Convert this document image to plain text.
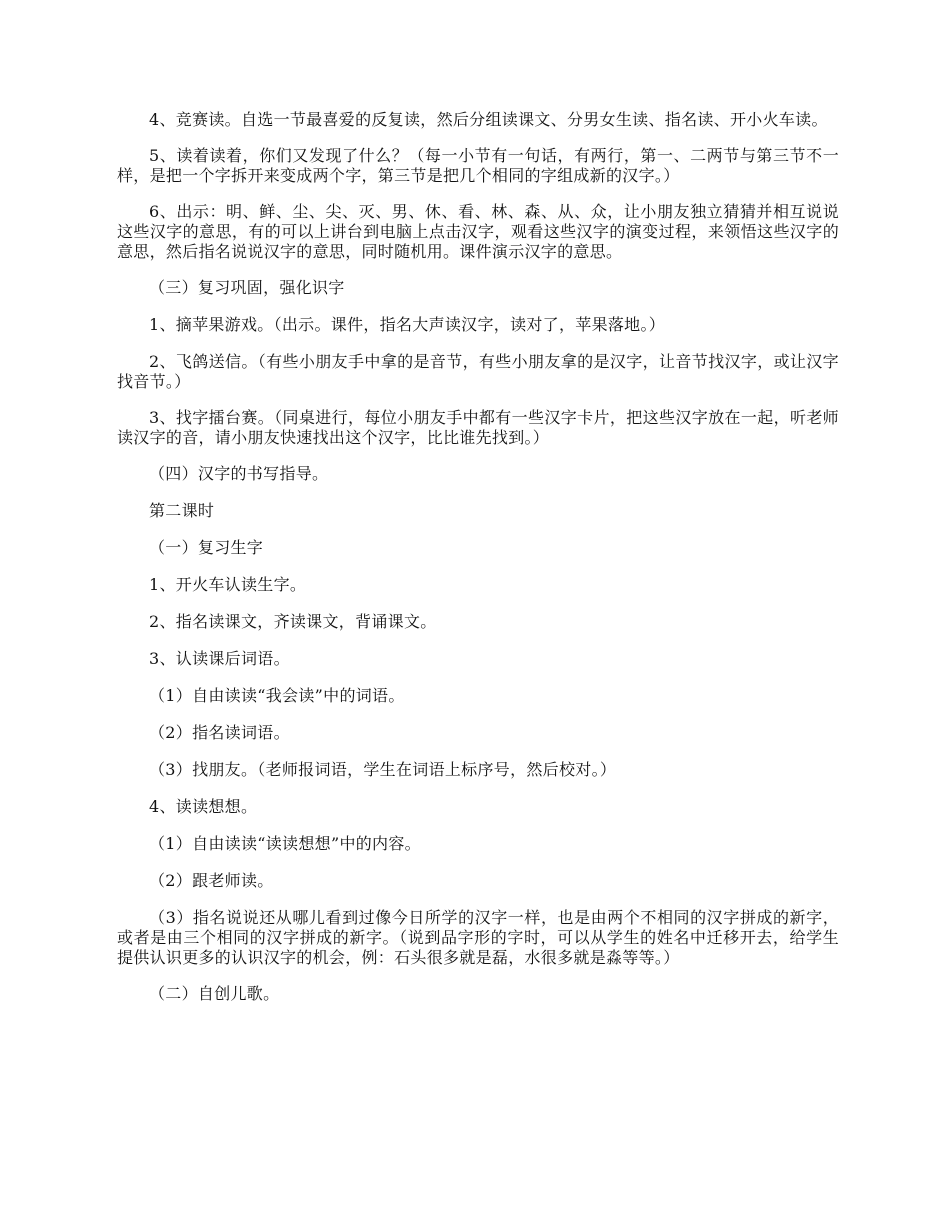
4、竞赛读。自选一节最喜爱的反复读，然后分组读课文、分男女生读、指名读、开小火车读。

5、读着读着，你们又发现了什么？（每一小节有一句话，有两行，第一、二两节与第三节不一样，是把一个字拆开来变成两个字，第三节是把几个相同的字组成新的汉字。）

6、出示：明、鲜、尘、尖、灭、男、休、看、林、森、从、众，让小朋友独立猜猜并相互说说这些汉字的意思，有的可以上讲台到电脑上点击汉字，观看这些汉字的演变过程，来领悟这些汉字的意思，然后指名说说汉字的意思，同时随机用。课件演示汉字的意思。

（三）复习巩固，强化识字

1、摘苹果游戏。（出示。课件，指名大声读汉字，读对了，苹果落地。）

2、飞鸽送信。（有些小朋友手中拿的是音节，有些小朋友拿的是汉字，让音节找汉字，或让汉字找音节。）

3、找字擂台赛。（同桌进行，每位小朋友手中都有一些汉字卡片，把这些汉字放在一起，听老师读汉字的音，请小朋友快速找出这个汉字，比比谁先找到。）

（四）汉字的书写指导。

第二课时

（一）复习生字

1、开火车认读生字。

2、指名读课文，齐读课文，背诵课文。

3、认读课后词语。

（1）自由读读“我会读”中的词语。

（2）指名读词语。

（3）找朋友。（老师报词语，学生在词语上标序号，然后校对。）

4、读读想想。

（1）自由读读“读读想想”中的内容。

（2）跟老师读。

（3）指名说说还从哪儿看到过像今日所学的汉字一样，也是由两个不相同的汉字拼成的新字，或者是由三个相同的汉字拼成的新字。（说到品字形的字时，可以从学生的姓名中迁移开去，给学生提供认识更多的认识汉字的机会，例：石头很多就是磊，水很多就是淼等等。）

（二）自创儿歌。
